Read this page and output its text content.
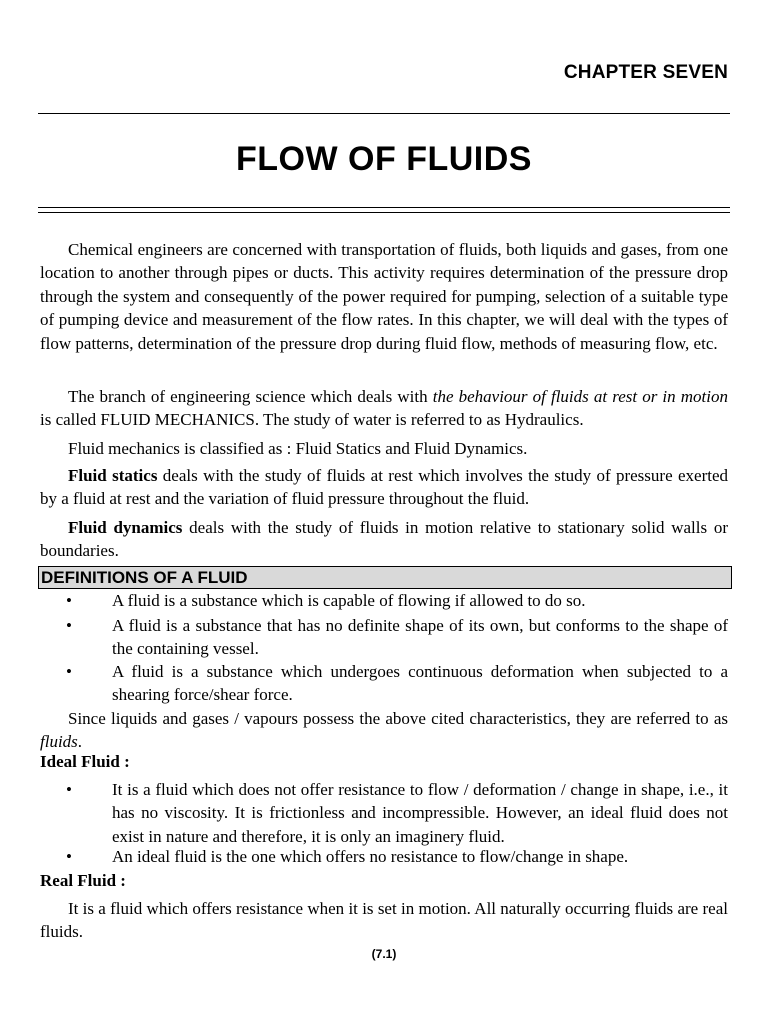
CHAPTER SEVEN
FLOW OF FLUIDS

Chemical engineers are concerned with transportation of fluids, both liquids and gases, from one location to another through pipes or ducts. This activity requires determination of the pressure drop through the system and consequently of the power required for pumping, selection of a suitable type of pumping device and measurement of the flow rates. In this chapter, we will deal with the types of flow patterns, determination of the pressure drop during fluid flow, methods of measuring flow, etc.

The branch of engineering science which deals with the behaviour of fluids at rest or in motion is called FLUID MECHANICS. The study of water is referred to as Hydraulics.

Fluid mechanics is classified as : Fluid Statics and Fluid Dynamics.

Fluid statics deals with the study of fluids at rest which involves the study of pressure exerted by a fluid at rest and the variation of fluid pressure throughout the fluid.

Fluid dynamics deals with the study of fluids in motion relative to stationary solid walls or boundaries.

DEFINITIONS OF A FLUID
• A fluid is a substance which is capable of flowing if allowed to do so.

• A fluid is a substance that has no definite shape of its own, but conforms to the shape of the containing vessel.

• A fluid is a substance which undergoes continuous deformation when subjected to a shearing force/shear force.

Since liquids and gases / vapours possess the above cited characteristics, they are referred to as fluids.

Ideal Fluid :
• It is a fluid which does not offer resistance to flow / deformation / change in shape, i.e., it has no viscosity. It is frictionless and incompressible. However, an ideal fluid does not exist in nature and therefore, it is only an imaginery fluid.

• An ideal fluid is the one which offers no resistance to flow/change in shape.

Real Fluid :

It is a fluid which offers resistance when it is set in motion. All naturally occurring fluids are real fluids.

(7.1)
